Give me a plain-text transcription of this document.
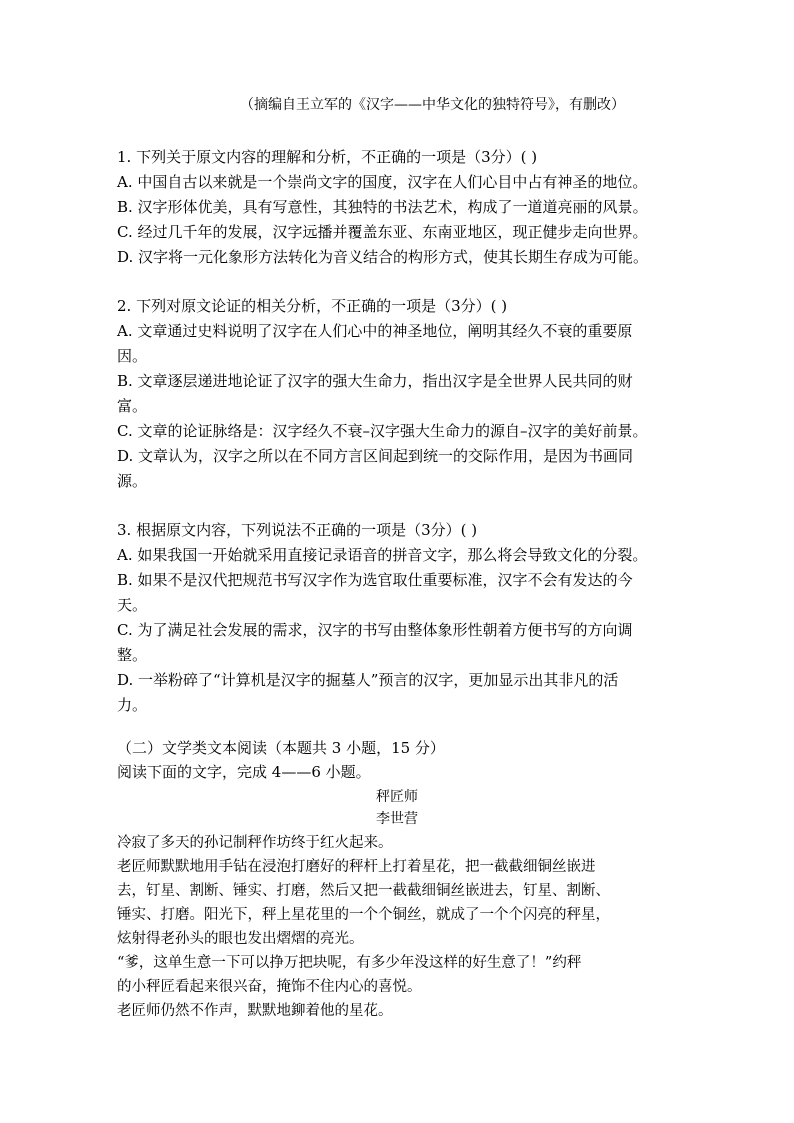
（摘编自王立军的《汉字——中华文化的独特符号》，有删改）
1. 下列关于原文内容的理解和分析，不正确的一项是（3分）( )
A. 中国自古以来就是一个崇尚文字的国度，汉字在人们心目中占有神圣的地位。
B. 汉字形体优美，具有写意性，其独特的书法艺术，构成了一道道亮丽的风景。
C. 经过几千年的发展，汉字远播并覆盖东亚、东南亚地区，现正健步走向世界。
D. 汉字将一元化象形方法转化为音义结合的构形方式，使其长期生存成为可能。
2. 下列对原文论证的相关分析，不正确的一项是（3分）( )
A. 文章通过史料说明了汉字在人们心中的神圣地位，阐明其经久不衰的重要原
因。
B. 文章逐层递进地论证了汉字的强大生命力，指出汉字是全世界人民共同的财
富。
C. 文章的论证脉络是：汉字经久不衰–汉字强大生命力的源自–汉字的美好前景。
D. 文章认为，汉字之所以在不同方言区间起到统一的交际作用，是因为书画同
源。
3. 根据原文内容，下列说法不正确的一项是（3分）( )
A. 如果我国一开始就采用直接记录语音的拼音文字，那么将会导致文化的分裂。
B. 如果不是汉代把规范书写汉字作为选官取仕重要标准，汉字不会有发达的今
天。
C. 为了满足社会发展的需求，汉字的书写由整体象形性朝着方便书写的方向调
整。
D. 一举粉碎了“计算机是汉字的掘墓人”预言的汉字，更加显示出其非凡的活
力。
（二）文学类文本阅读（本题共 3 小题，15 分）
阅读下面的文字，完成 4——6 小题。
秤匠师
李世营
冷寂了多天的孙记制秤作坊终于红火起来。
老匠师默默地用手钻在浸泡打磨好的秤杆上打着星花，把一截截细铜丝嵌进
去，钉星、割断、锤实、打磨，然后又把一截截细铜丝嵌进去，钉星、割断、
锤实、打磨。阳光下，秤上星花里的一个个铜丝，就成了一个个闪亮的秤星，
炫射得老孙头的眼也发出熠熠的亮光。
“爹，这单生意一下可以挣万把块呢，有多少年没这样的好生意了！”约秤
的小秤匠看起来很兴奋，掩饰不住内心的喜悦。
老匠师仍然不作声，默默地鉚着他的星花。
